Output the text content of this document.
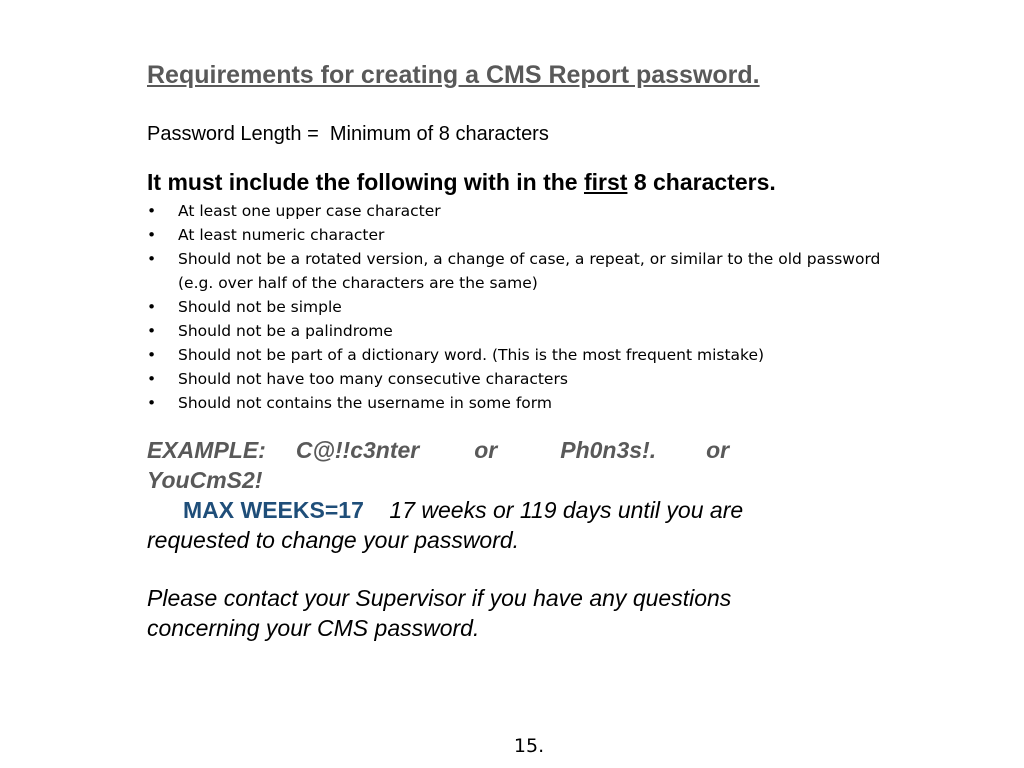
Requirements for creating a CMS Report password.
Password Length =  Minimum of 8 characters
It must include the following with in the first 8 characters.
• At least one upper case character
• At least numeric character
• Should not be a rotated version, a change of case, a repeat, or similar to the old password (e.g. over half of the characters are the same)
• Should not be simple
• Should not be a palindrome
• Should not be part of a dictionary word. (This is the most frequent mistake)
• Should not have too many consecutive characters
• Should not contains the username in some form
EXAMPLE: C@!!c3nter or	Ph0n3s!. or
YouCmS2!
MAX WEEKS=17 17 weeks or 119 days until you are requested to change your password.
Please contact your Supervisor if you have any questions concerning your CMS password.
15.
